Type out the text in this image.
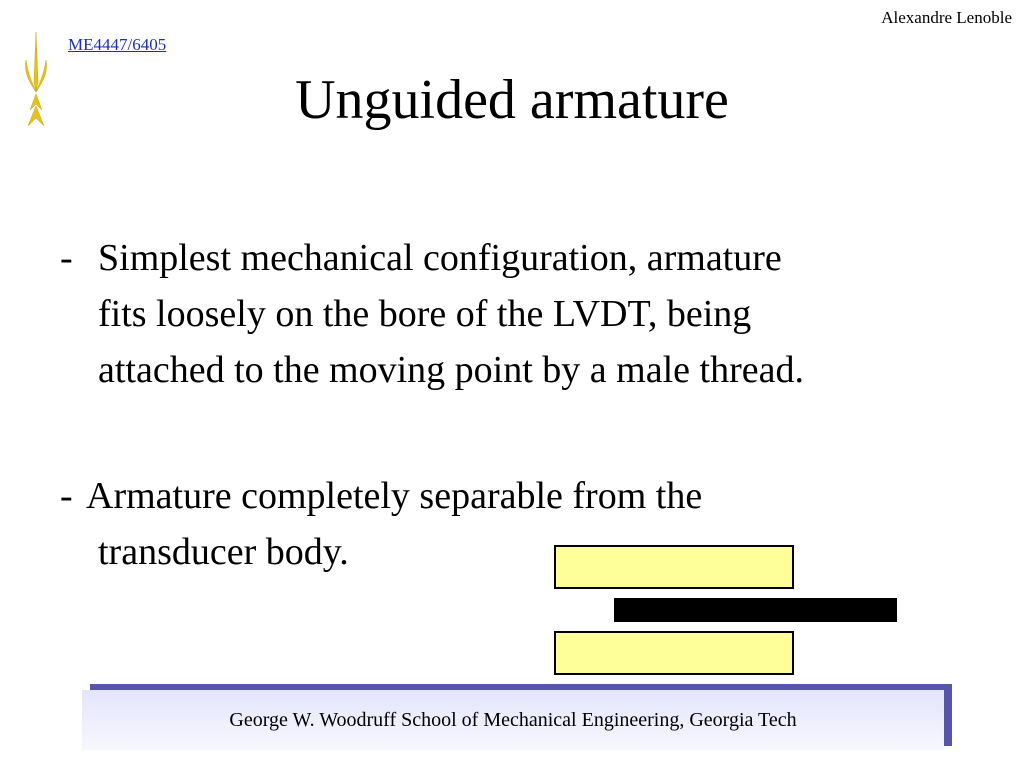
Alexandre Lenoble
ME4447/6405
Unguided armature
- Simplest mechanical configuration, armature
fits loosely on the bore of the LVDT, being
attached to the moving point by a male thread.
- Armature completely separable from the
transducer body.
George W. Woodruff School of Mechanical Engineering, Georgia Tech
